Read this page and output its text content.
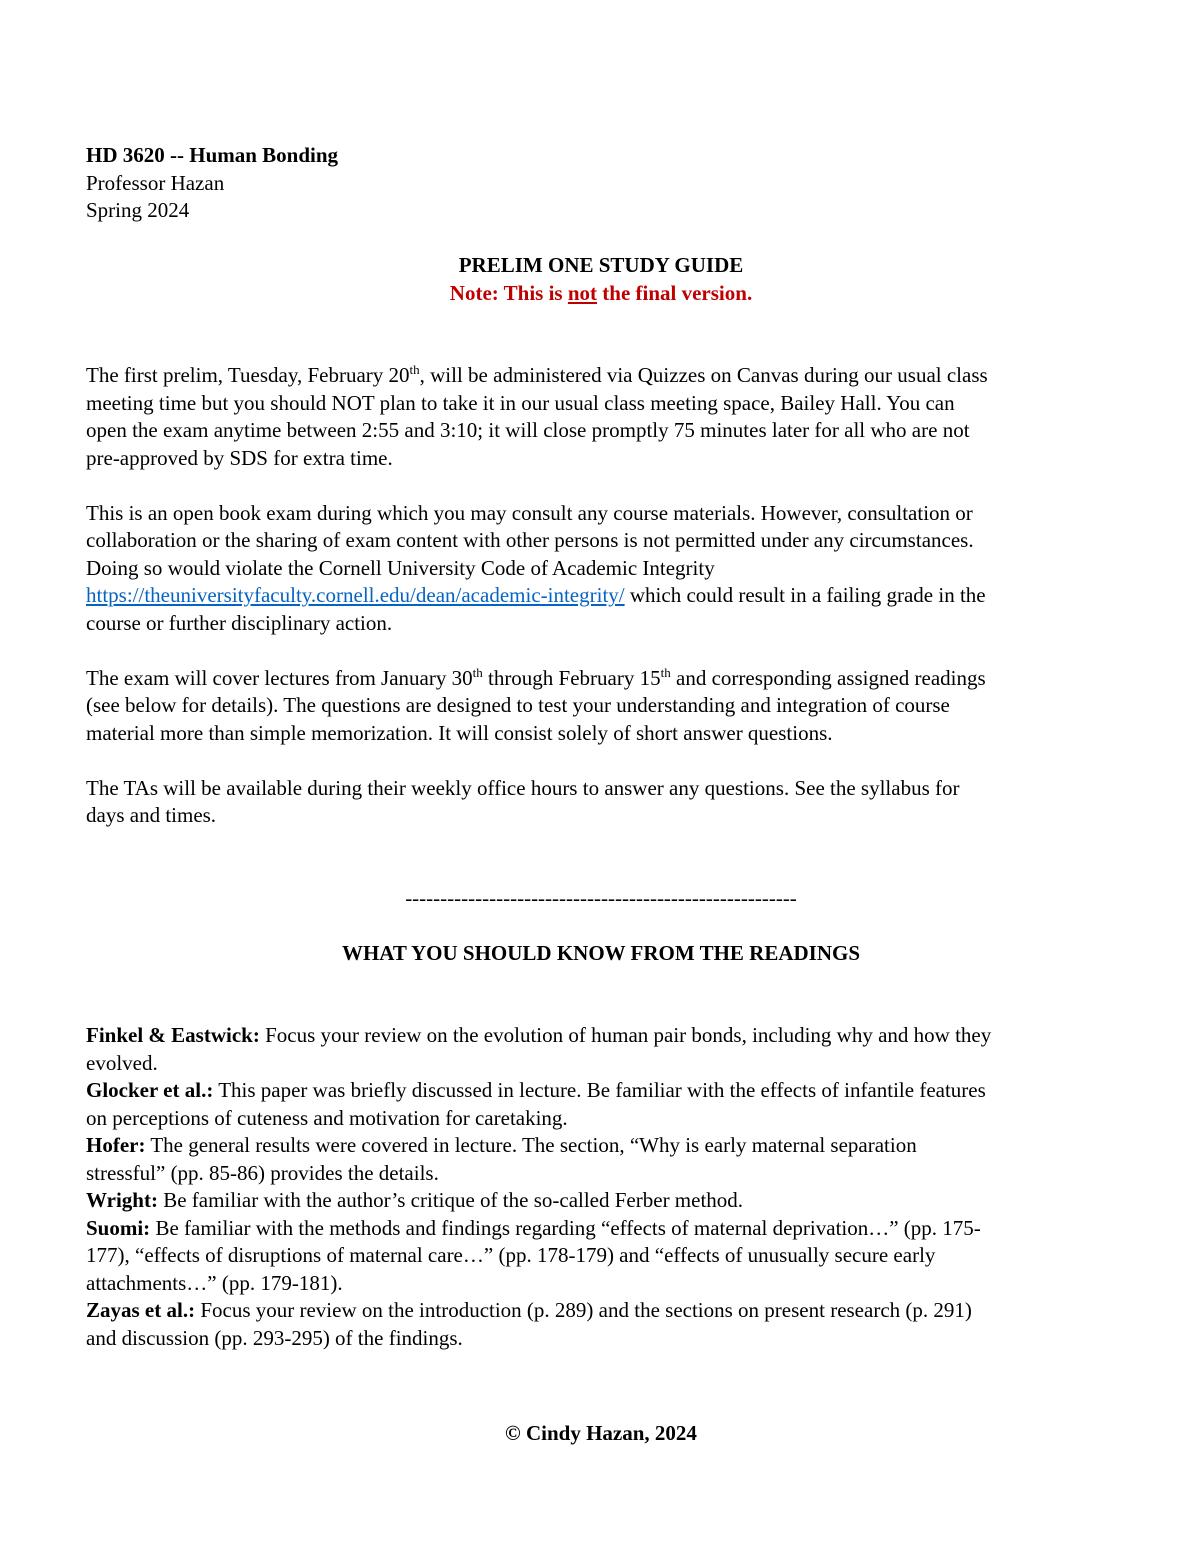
HD 3620 -- Human Bonding
Professor Hazan
Spring 2024
PRELIM ONE STUDY GUIDE
Note: This is not the final version.
The first prelim, Tuesday, February 20th, will be administered via Quizzes on Canvas during our usual class
meeting time but you should NOT plan to take it in our usual class meeting space, Bailey Hall. You can
open the exam anytime between 2:55 and 3:10; it will close promptly 75 minutes later for all who are not
pre-approved by SDS for extra time.
This is an open book exam during which you may consult any course materials. However, consultation or
collaboration or the sharing of exam content with other persons is not permitted under any circumstances.
Doing so would violate the Cornell University Code of Academic Integrity
https://theuniversityfaculty.cornell.edu/dean/academic-integrity/ which could result in a failing grade in the
course or further disciplinary action.
The exam will cover lectures from January 30th through February 15th and corresponding assigned readings
(see below for details). The questions are designed to test your understanding and integration of course
material more than simple memorization. It will consist solely of short answer questions.
The TAs will be available during their weekly office hours to answer any questions. See the syllabus for
days and times.
--------------------------------------------------------
WHAT YOU SHOULD KNOW FROM THE READINGS
Finkel & Eastwick: Focus your review on the evolution of human pair bonds, including why and how they
evolved.
Glocker et al.: This paper was briefly discussed in lecture. Be familiar with the effects of infantile features
on perceptions of cuteness and motivation for caretaking.
Hofer: The general results were covered in lecture. The section, “Why is early maternal separation
stressful” (pp. 85-86) provides the details.
Wright: Be familiar with the author’s critique of the so-called Ferber method.
Suomi: Be familiar with the methods and findings regarding “effects of maternal deprivation…” (pp. 175-
177), “effects of disruptions of maternal care…” (pp. 178-179) and “effects of unusually secure early
attachments…” (pp. 179-181).
Zayas et al.: Focus your review on the introduction (p. 289) and the sections on present research (p. 291)
and discussion (pp. 293-295) of the findings.
© Cindy Hazan, 2024
